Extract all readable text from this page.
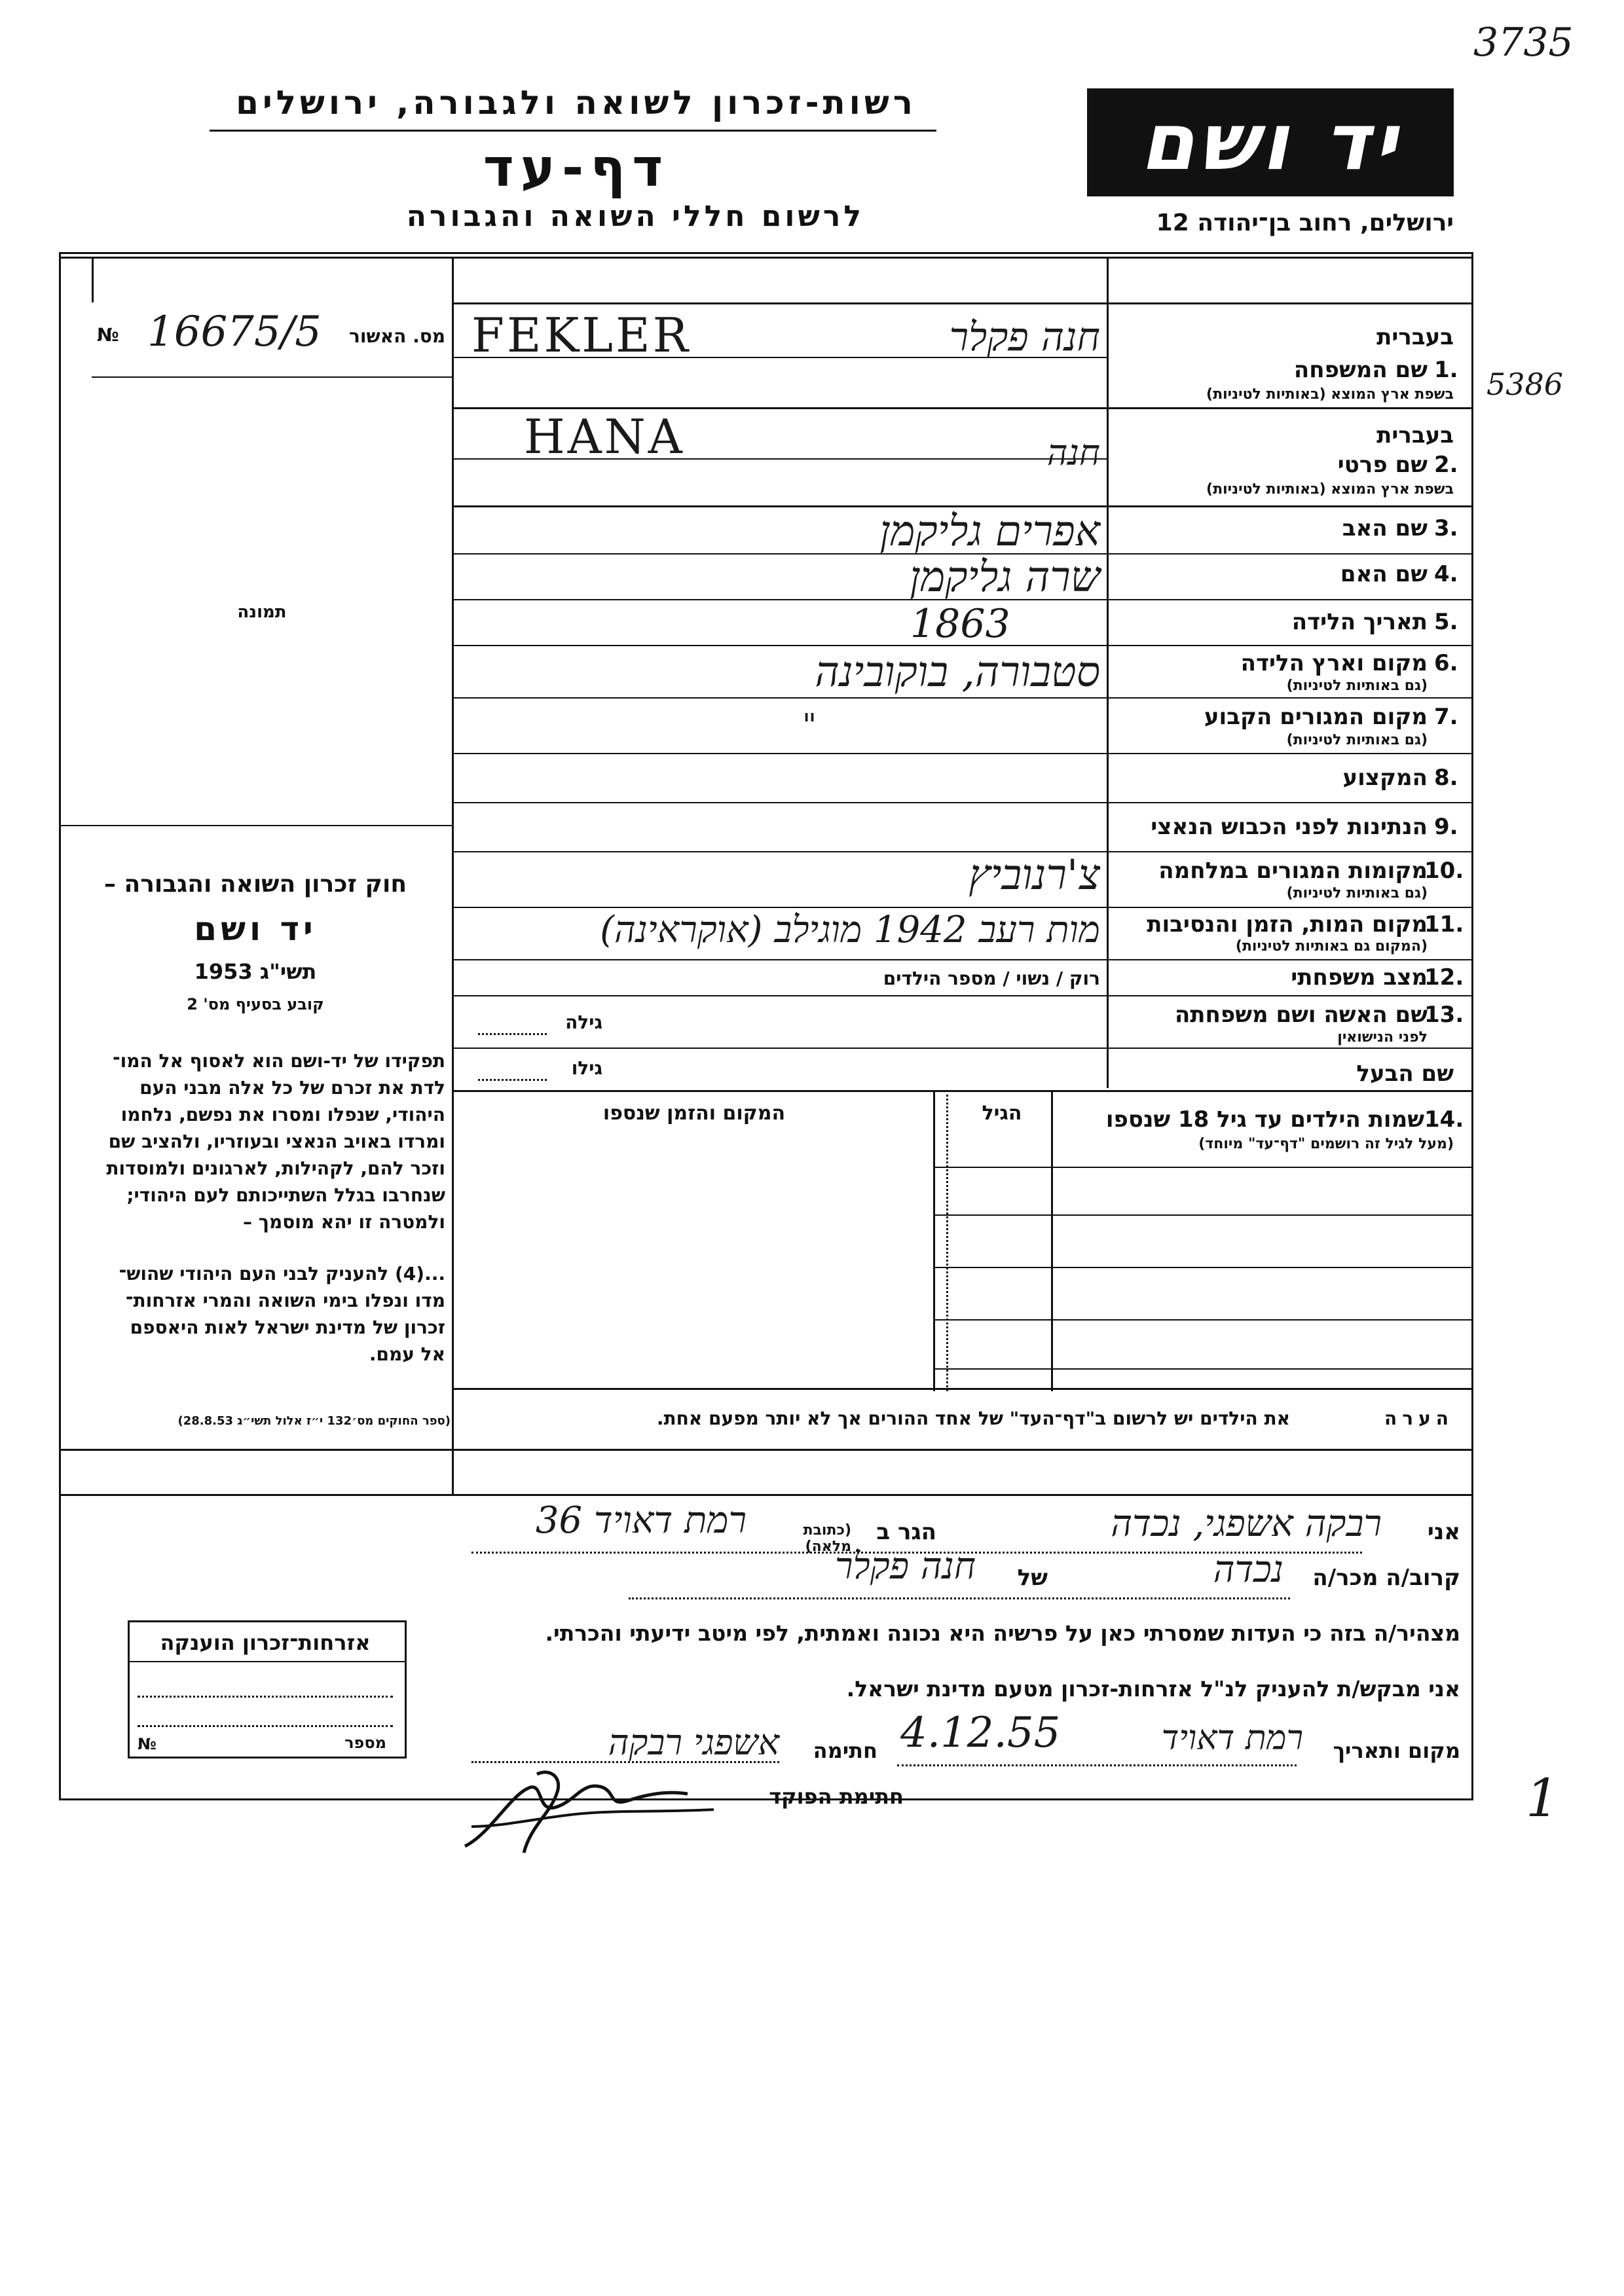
3735
5386
רשות-זכרון לשואה ולגבורה, ירושלים
דף-עד
לרשום חללי השואה והגבורה
יד ושם
ירושלים, רחוב בן־יהודה 12
№ 16675/5	מס. האשור
תמונה
חוק זכרון השואה והגבורה –
יד ושם
תשי"ג 1953
קובע בסעיף מס' 2
תפקידו של יד-ושם הוא לאסוף אל המו־
לדת את זכרם של כל אלה מבני העם
היהודי, שנפלו ומסרו את נפשם, נלחמו
ומרדו באויב הנאצי ובעוזריו, ולהציב שם
וזכר להם, לקהילות, לארגונים ולמוסדות
שנחרבו בגלל השתייכותם לעם היהודי;
ולמטרה זו יהא מוסמך –
...(4) להעניק לבני העם היהודי שהוש־
מדו ונפלו בימי השואה והמרי אזרחות־
זכרון של מדינת ישראל לאות היאספם
אל עמם.
(ספר החוקים מס׳132 י״ז אלול תשי״ג 28.8.53)
בעברית
שם המשפחה 1.
בשפת ארץ המוצא (באותיות לטיניות)
חנה פקלר
FEKLER
בעברית
שם פרטי 2.
בשפת ארץ המוצא (באותיות לטיניות)
חנה
HANA
שם האב 3.
אפרים גליקמן
שם האם 4.
שרה גליקמן
תאריך הלידה 5.
1863
מקום וארץ הלידה 6.
(גם באותיות לטיניות)
סטבורה, בוקובינה
מקום המגורים הקבוע 7.
(גם באותיות לטיניות)
"
המקצוע 8.
הנתינות לפני הכבוש הנאצי 9.
מקומות המגורים במלחמה
10.
(גם באותיות לטיניות)
צ'רנוביץ
מקום המות, הזמן והנסיבות
11.
(המקום גם באותיות לטיניות)
מות רעב 1942 מוגילב (אוקראינה)
מצב משפחתי
12.
רוק / נשוי / מספר הילדים
שם האשה ושם משפחתה
13.
לפני הנישואין
גילה
שם הבעל
גילו
14.
שמות הילדים עד גיל 18 שנספו
(מעל לגיל זה רושמים "דף־עד" מיוחד)
הגיל
המקום והזמן שנספו
הערה
את הילדים יש לרשום ב"דף־העד" של אחד ההורים אך לא יותר מפעם אחת.
אני
רבקה אשפגי, נכדה
הגר ב
(כתובת מלאה)
רמת דאויד 36
קרוב/ה מכר/ה
נכדה
של
חנה פקלר
מצהיר/ה בזה כי העדות שמסרתי כאן על פרשיה היא נכונה ואמתית, לפי מיטב ידיעתי והכרתי.
אני מבקש/ת להעניק לנ"ל אזרחות-זכרון מטעם מדינת ישראל.
מקום ותאריך
רמת דאויד
4.12.55
חתימה
אשפגי רבקה
חתימת הפוקד
אזרחות־זכרון הוענקה
№	מספר
1
